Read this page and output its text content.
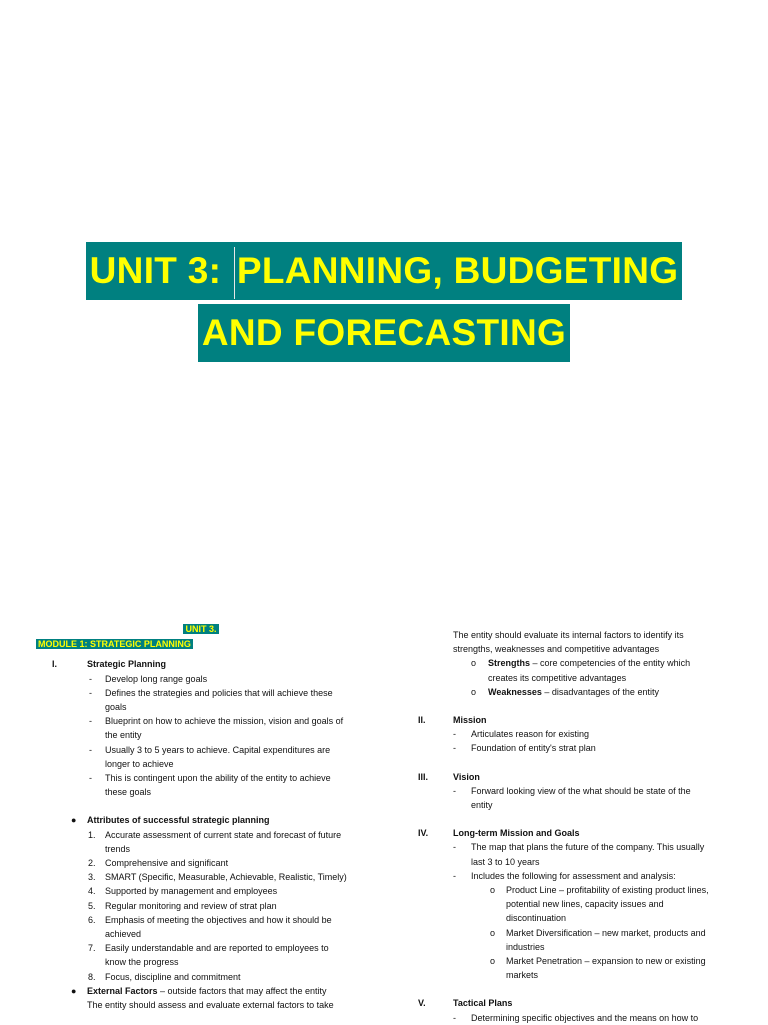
UNIT 3: PLANNING, BUDGETING
AND FORECASTING
UNIT 3.
MODULE 1: STRATEGIC PLANNING
I.	Strategic Planning
-	Develop long range goals
-	Defines the strategies and policies that will achieve these
goals
-	Blueprint on how to achieve the mission, vision and goals of
the entity
-	Usually 3 to 5 years to achieve. Capital expenditures are
longer to achieve
-	This is contingent upon the ability of the entity to achieve
these goals
●	Attributes of successful strategic planning
1.	Accurate assessment of current state and forecast of future
trends
2.	Comprehensive and significant
3.	SMART (Specific, Measurable, Achievable, Realistic, Timely)
4.	Supported by management and employees
5.	Regular monitoring and review of strat plan
6.	Emphasis of meeting the objectives and how it should be
achieved
7.	Easily understandable and are reported to employees to
know the progress
8.	Focus, discipline and commitment
●	External Factors – outside factors that may affect the entity
The entity should assess and evaluate external factors to take
The entity should evaluate its internal factors to identify its
strengths, weaknesses and competitive advantages
o	Strengths – core competencies of the entity which
creates its competitive advantages
o	Weaknesses – disadvantages of the entity
II.	Mission
-	Articulates reason for existing
-	Foundation of entity's strat plan
III.	Vision
-	Forward looking view of the what should be state of the
entity
IV.	Long-term Mission and Goals
-	The map that plans the future of the company. This usually
last 3 to 10 years
-	Includes the following for assessment and analysis:
o	Product Line – profitability of existing product lines,
potential new lines, capacity issues and
discontinuation
o	Market Diversification – new market, products and
industries
o	Market Penetration – expansion to new or existing
markets
V.	Tactical Plans
-	Determining specific objectives and the means on how to
